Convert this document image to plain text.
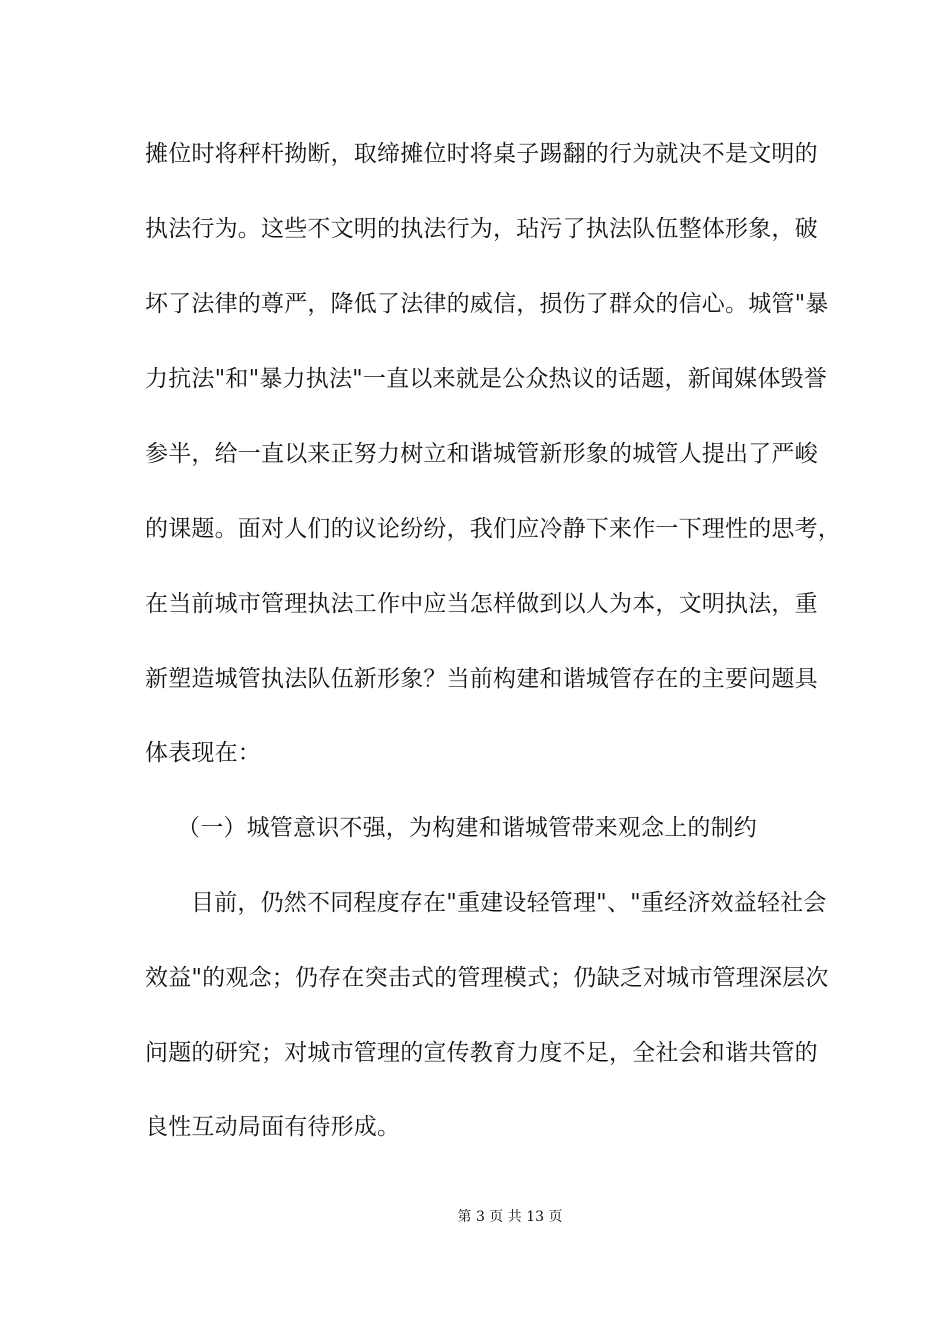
摊位时将秤杆拗断，取缔摊位时将桌子踢翻的行为就决不是文明的
执法行为。这些不文明的执法行为，玷污了执法队伍整体形象，破
坏了法律的尊严，降低了法律的威信，损伤了群众的信心。城管"暴
力抗法"和"暴力执法"一直以来就是公众热议的话题，新闻媒体毁誉
参半，给一直以来正努力树立和谐城管新形象的城管人提出了严峻
的课题。面对人们的议论纷纷，我们应冷静下来作一下理性的思考，
在当前城市管理执法工作中应当怎样做到以人为本，文明执法，重
新塑造城管执法队伍新形象？当前构建和谐城管存在的主要问题具
体表现在：
（一）城管意识不强，为构建和谐城管带来观念上的制约
目前，仍然不同程度存在"重建设轻管理"、"重经济效益轻社会
效益"的观念；仍存在突击式的管理模式；仍缺乏对城市管理深层次
问题的研究；对城市管理的宣传教育力度不足，全社会和谐共管的
良性互动局面有待形成。
第 3 页 共 13 页
